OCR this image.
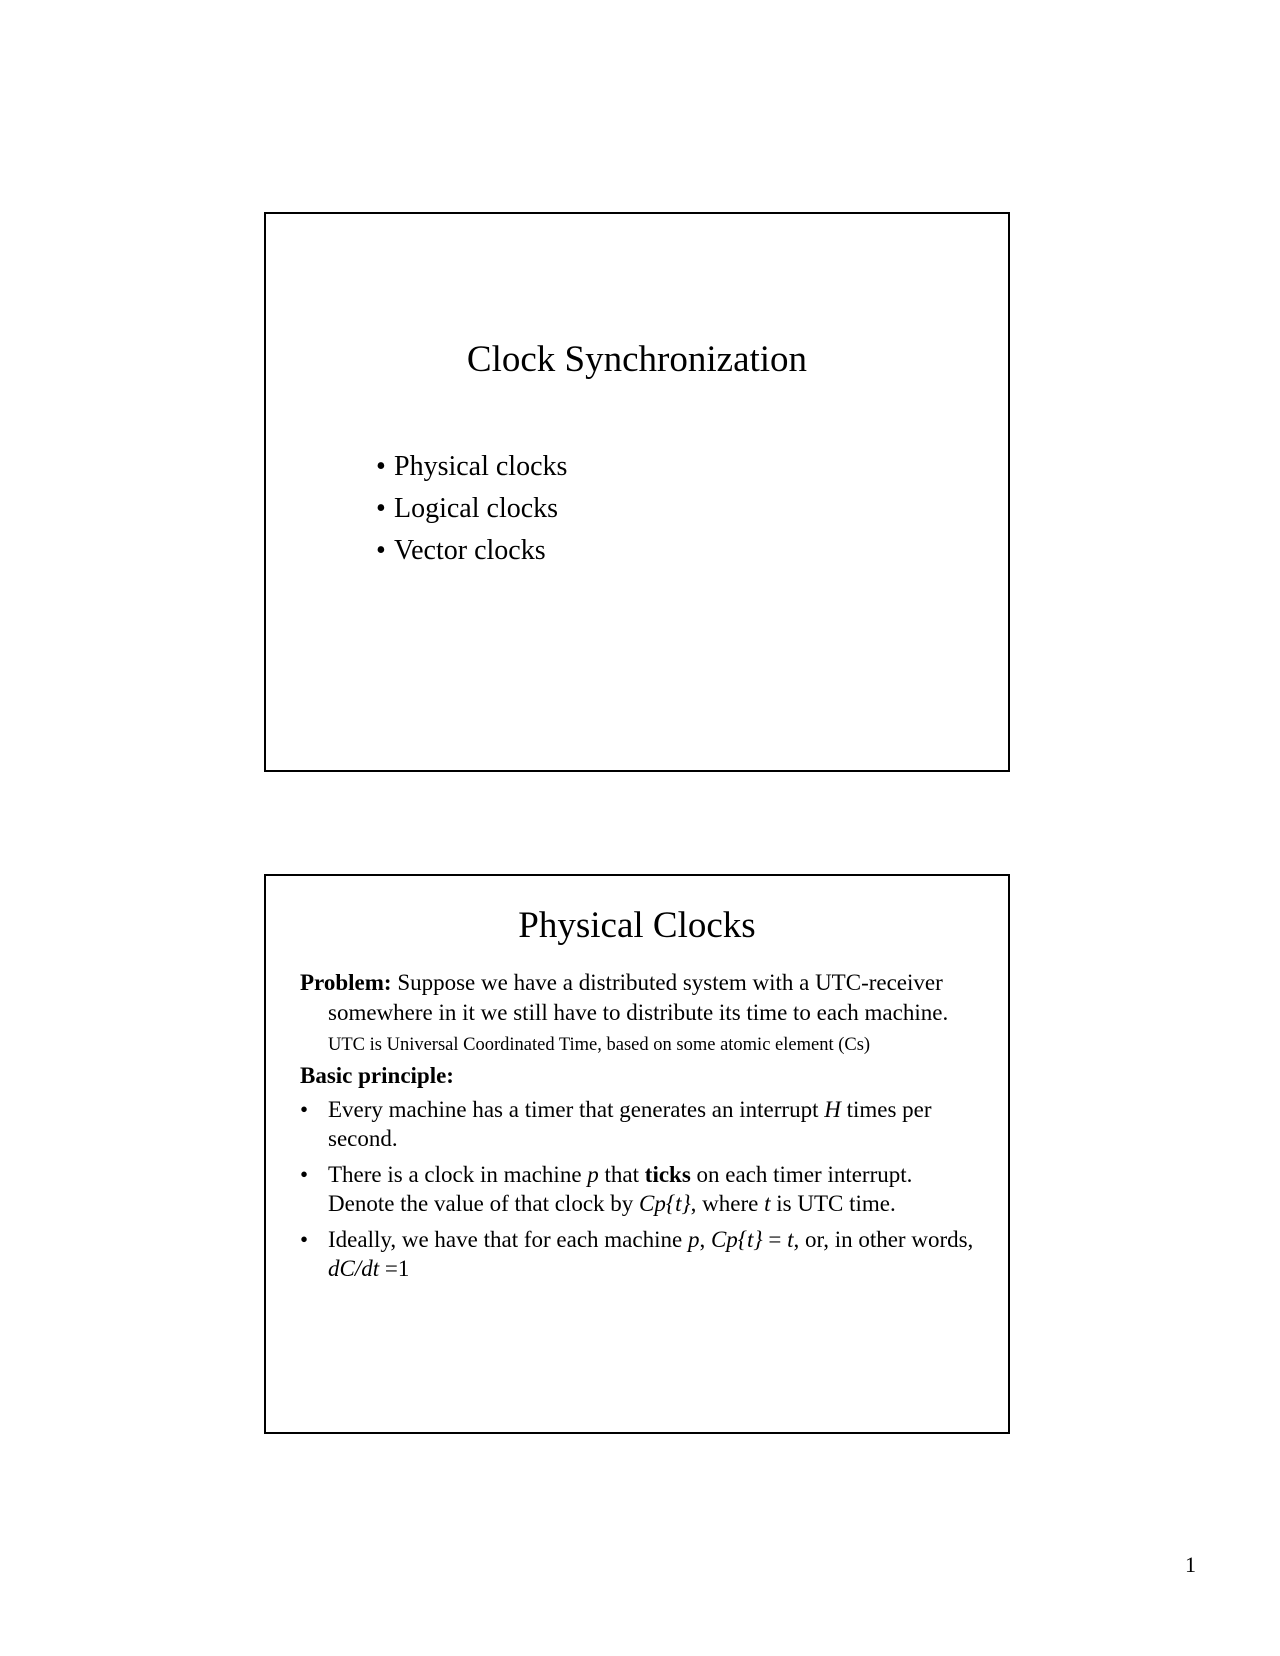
Clock Synchronization
• Physical clocks
• Logical clocks
• Vector clocks
Physical Clocks

Problem: Suppose we have a distributed system with a UTC-receiver somewhere in it we still have to distribute its time to each machine.

UTC is Universal Coordinated Time, based on some atomic element (Cs)
Basic principle:
• Every machine has a timer that generates an interrupt H times per second.
• There is a clock in machine p that ticks on each timer interrupt. Denote the value of that clock by Cp{t}, where t is UTC time.
• Ideally, we have that for each machine p, Cp{t} = t, or, in other words, dC/dt =1
1
